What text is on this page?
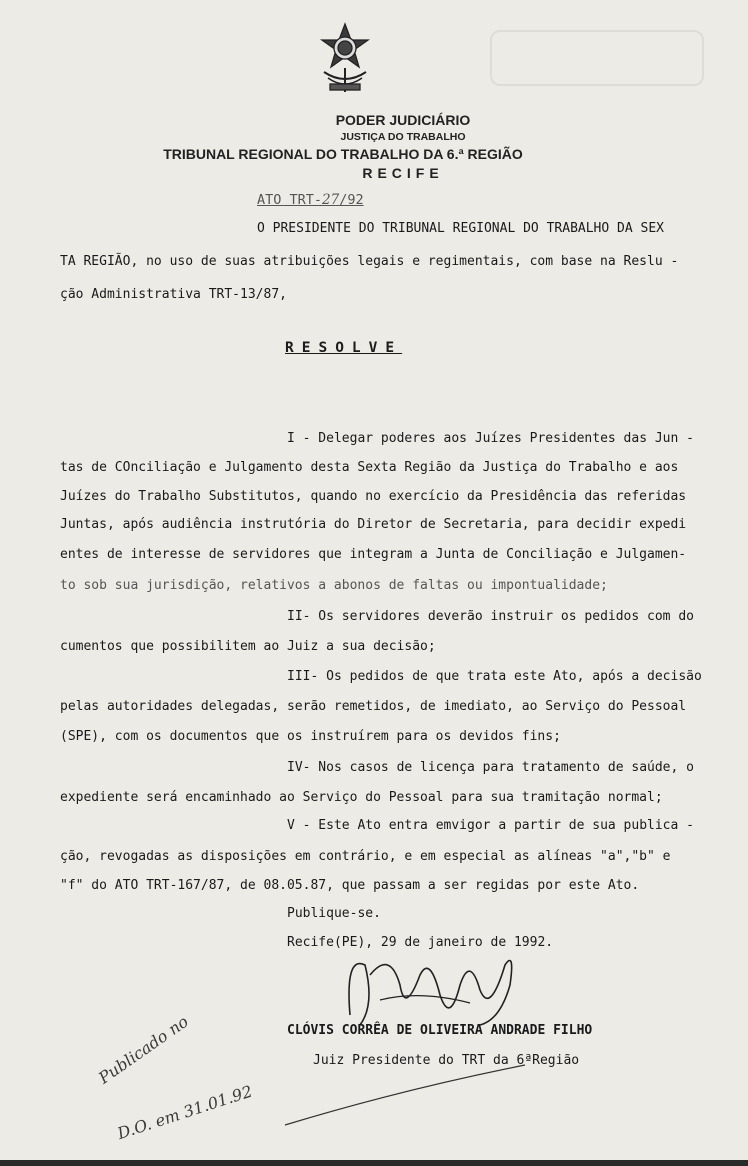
PODER JUDICIÁRIO
JUSTIÇA DO TRABALHO
TRIBUNAL REGIONAL DO TRABALHO DA 6.ª REGIÃO
RECIFE
ATO TRT-27/92
O PRESIDENTE DO TRIBUNAL REGIONAL DO TRABALHO DA SEX
TA REGIÃO, no uso de suas atribuições legais e regimentais, com base na Reslu -
ção Administrativa TRT-13/87,
RESOLVE
I - Delegar poderes aos Juízes Presidentes das Jun -
tas de COnciliação e Julgamento desta Sexta Região da Justiça do Trabalho e aos
Juízes do Trabalho Substitutos, quando no exercício da Presidência das referidas
Juntas, após audiência instrutória do Diretor de Secretaria, para decidir expedi
entes de interesse de servidores que integram a Junta de Conciliação e Julgamen-
to sob sua jurisdição, relativos a abonos de faltas ou impontualidade;
II- Os servidores deverão instruir os pedidos com do
cumentos que possibilitem ao Juiz a sua decisão;
III- Os pedidos de que trata este Ato, após a decisão
pelas autoridades delegadas, serão remetidos, de imediato, ao Serviço do Pessoal
(SPE), com os documentos que os instruírem para os devidos fins;
IV- Nos casos de licença para tratamento de saúde, o
expediente será encaminhado ao Serviço do Pessoal para sua tramitação normal;
V - Este Ato entra emvigor a partir de sua publica -
ção, revogadas as disposições em contrário, e em especial as alíneas "a","b" e
"f" do ATO TRT-167/87, de 08.05.87, que passam a ser regidas por este Ato.
Publique-se.
Recife(PE), 29 de janeiro de 1992.
CLÓVIS CORRÊA DE OLIVEIRA ANDRADE FILHO
Juiz Presidente do TRT da 6ªRegião
Publicado no
D.O. em 31.01.92
